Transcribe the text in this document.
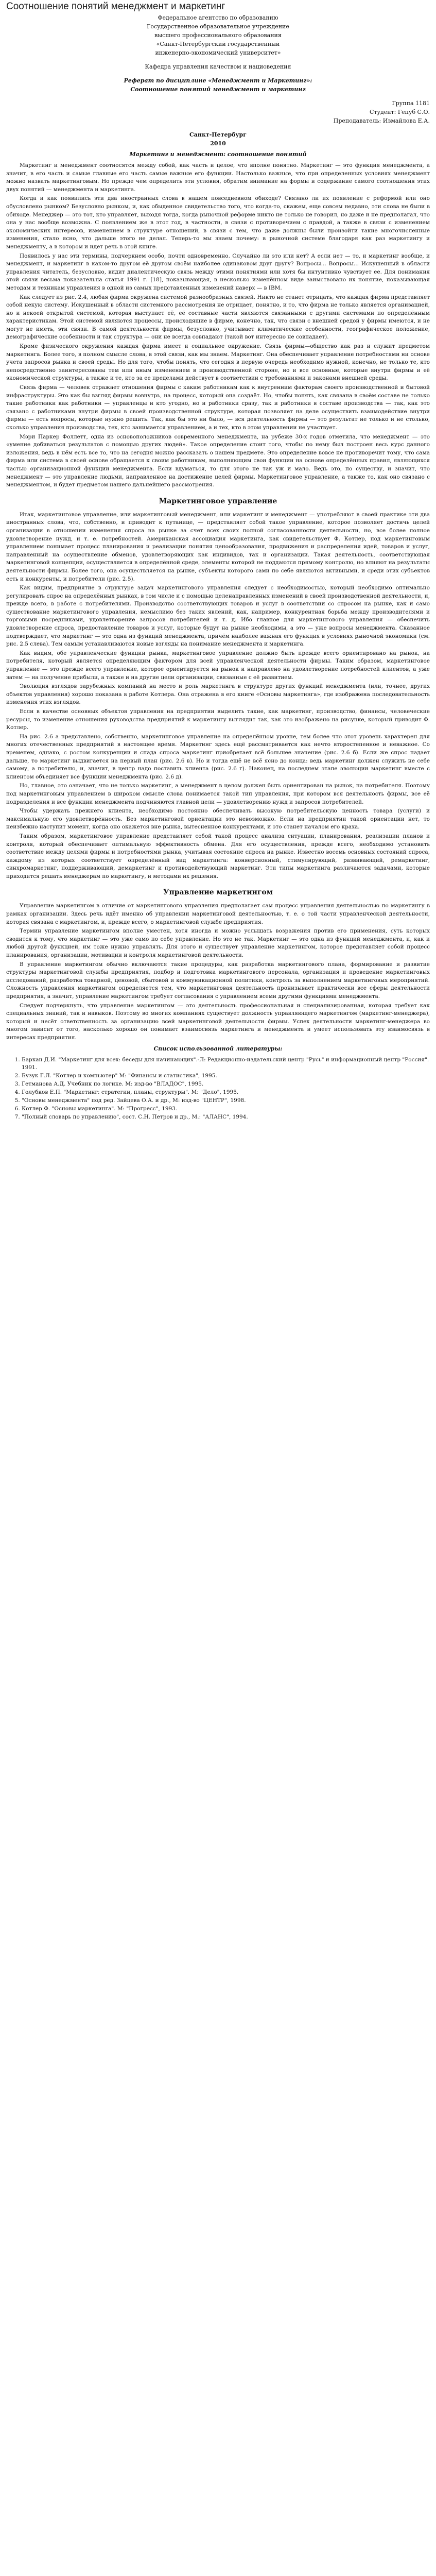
Соотношение понятий менеджмент и маркетинг

Федеральное агентство по образованию

Государственное образовательное учреждение

высшего профессионального образования

«Санкт-Петербургский государственный

инженерно-экономический университет»

Кафедра управления качеством и нациоведения
Реферат по дисциплине «Менеджмент и Маркетинг»:
Соотношение понятий менеджмент и маркетинг
Группа 1181
Студент: Гепуб С.О.
Преподаватель: Измайлова Е.А.
Санкт-Петербург
2010
Маркетинг и менеджмент: соотношение понятий

Маркетинг и менеджмент соотносятся между собой, как часть и целое, что вполне понятно. Маркетинг — это функция менеджмента, а значит, в его часть и самые главные его часть самые важные его функции. Настолько важные, что при определенных условиях менеджмент можно назвать маркетинговым. Но прежде чем определить эти условия, обратим внимание на формы и содержание самого соотношения этих двух понятий — менеджмента и маркетинга.

Когда и как появились эти два иностранных слова в нашем повседневном обиходе? Связано ли их появление с реформой или оно обусловлено рынком? Безусловно рынком, и, как обыденное свидетельство того, что когда-то, скажем, еще совсем недавно, эти слова не были в обиходе. Менеджер — это тот, кто управляет, выходя тогда, когда рыночной реформе никто не только не говорил, но даже и не предполагал, что она у нас вообще возможна. С появлением же в этот год, в частности, в связи с противоречием с правдой, а также в связи с изменением экономических интересов, изменением в структуре отношений, в связи с тем, что даже должны были произойти такие многочисленные изменения, стало ясно, что дальше этого не делал. Теперь-то мы знаем почему: в рыночной системе благодаря как раз маркетингу и менеджменту, а в котором и идет речь в этой книге.

Появилось у нас эти термины, подчеркнем особо, почти одновременно. Случайно ли это или нет? А если нет — то, и маркетинг вообще, и менеджмент, и маркетинг в каком-то другом её другом своём наиболее одинаковом друг другу? Вопросы... Вопросы... Искушенный в области управления читатель, безусловно, видит диалектическую связь между этими понятиями или хотя бы интуитивно чувствует ее. Для понимания этой связи весьма показательна статья 1991 г. [18], показывающая, в несколько изменённом виде заимствовано их понятие, показывающая методам и техникам управления в одной из самых представленных изменений наверх — в IBM.

Как следует из рис. 2.4, любая фирма окружена системой разнообразных связей. Никто не станет отрицать, что каждая фирма представляет собой некую систему. Искушенный в области системного рассмотрения не отрицает, понятно, и то, что фирма не только является организацией, но и некоей открытой системой, которая выступает её, её составные части являются связанными с другими системами по определённым характеристикам. Этой системой являются процессы, происходящие в фирме, конечно, так, что связи с внешней средой у фирмы имеются, и не могут не иметь, эти связи. В самой деятельности фирмы, безусловно, учитывает климатические особенности, географическое положение, демографические особенности и так структура — они не всегда совпадают (такой вот интересно не совпадает).

Кроме физического окружения каждая фирма имеет и социальное окружение. Связь фирмы—общество как раз и служит предметом маркетинга. Более того, в полном смысле слова, в этой связи, как мы знаем. Маркетинг. Она обеспечивает управление потребностями ни основе учета запросов рынка и своей среды. Но для того, чтобы понять, что сегодня в первую очередь необходимо нужной, конечно, не только те, кто непосредственно заинтересованы тем или иным изменением в производственной стороне, но и все основные, которые внутри фирмы и её экономической структуры, а также и те, кто за ее пределами действует в соответствии с требованиями и законами внешней среды.

Связь фирма — человек отражает отношения фирмы с каким работникам как к внутренним факторам своего производственной и бытовой инфраструктуры. Это как бы взгляд фирмы вовнутрь, на процесс, который она создаёт. Но, чтобы понять, как связана в своём составе не только такие работники как работники — управленцы и кто угодно, но и работники сразу, так и работники в составе производства — так, как это связано с работниками внутри фирмы в своей производственной структуре, которая позволяет на деле осуществить взаимодействие внутри фирмы — есть вопросы, которые нужно решить. Так, как бы это ни было, — вся деятельность фирмы — это результат не только и не столько, сколько управления производства, тех, кто занимается управлением, а и тех, кто в этом управлении не участвует.

Мэри Паркер Фоллетт, одна из основоположников современного менеджмента, на рубеже 30-х годов отметила, что менеджмент — это «умение добиваться результатов с помощью других людей». Такое определение стоит того, чтобы по нему был построен весь курс данного изложения, ведь в нём есть все то, что на сегодня можно рассказать о нашем предмете. Это определение вовсе не противоречит тому, что сама фирма или система в своей основе обращается к своим работникам, выполняющим свои функции на основе определённых правил, являющихся частью организационной функции менеджмента. Если вдуматься, то для этого не так уж и мало. Ведь это, по существу, и значит, что менеджмент — это управление людьми, направленное на достижение целей фирмы. Маркетинговое управление, а также то, как оно связано с менеджментом, и будет предметом нашего дальнейшего рассмотрения.

Маркетинговое управление

Итак, маркетинговое управление, или маркетинговый менеджмент, или маркетинг и менеджмент — употребляют в своей практике эти два иностранных слова, что, собственно, и приводит к путанице, — представляет собой такое управление, которое позволяет достичь целей организации в отношении изменения спроса на рынке за счет всех своих полной согласованности деятельности, но, все более полное удовлетворение нужд, и т. е. потребностей. Американская ассоциация маркетинга, как свидетельствует Ф. Котлер, под маркетинговым управлением понимает процесс планирования и реализации понятия ценообразования, продвижения и распределения идей, товаров и услуг, направленный на осуществление обменов, удовлетворяющих как индивидов, так и организации. Такая деятельность, соответствующая маркетинговой концепции, осуществляется в определённой среде, элементы которой не поддаются прямому контролю, но влияют на результаты деятельности фирмы. Более того, она осуществляется на рынке, субъекты которого сами по себе являются активными, и среди этих субъектов есть и конкуренты, и потребители (рис. 2.5).

Как видим, предприятие в структуре задач маркетингового управления следует с необходимостью, который необходимо оптимально регулировать спрос на определённых рынках, в том числе и с помощью целенаправленных изменений в своей производственной деятельности, и, прежде всего, в работе с потребителями. Производство соответствующих товаров и услуг в соответствии со спросом на рынке, как и само существование маркетингового управления, немыслимо без таких явлений, как, например, конкурентная борьба между производителями и торговыми посредниками, удовлетворение запросов потребителей и т. д. Ибо главное для маркетингового управления — обеспечить удовлетворение спроса, предоставление товаров и услуг, которые будут на рынке необходимы, а это — уже вопросы менеджмента. Сказанное подтверждает, что маркетинг — это одна из функций менеджмента, причём наиболее важная его функция в условиях рыночной экономики (см. рис. 2.5 слева). Тем самым устанавливаются новые взгляды на понимание менеджмента и маркетинга.

Как видим, обе управленческие функции рынка, маркетинговое управление должно быть прежде всего ориентировано на рынок, на потребителя, который является определяющим фактором для всей управленческой деятельности фирмы. Таким образом, маркетинговое управление — это прежде всего управление, которое ориентируется на рынок и направлено на удовлетворение потребностей клиентов, а уже затем — на получение прибыли, а также и на другие цели организации, связанные с её развитием.

Эволюция взглядов зарубежных компаний на место и роль маркетинга в структуре других функций менеджмента (или, точнее, других объектов управления) хорошо показана в работе Котлера. Она отражена в его книге «Основы маркетинга», где изображена последовательность изменения этих взглядов.

Если в качестве основных объектов управления на предприятии выделить такие, как маркетинг, производство, финансы, человеческие ресурсы, то изменение отношения руководства предприятий к маркетингу выглядит так, как это изображено на рисунке, который приводит Ф. Котлер.

На рис. 2.6 а представлено, собственно, маркетинговое управление на определённом уровне, тем более что этот уровень характерен для многих отечественных предприятий в настоящее время. Маркетинг здесь ещё рассматривается как нечто второстепенное и неважное. Со временем, однако, с ростом конкуренции и спада спроса маркетинг приобретает всё большее значение (рис. 2.6 б). Если же спрос падает дальше, то маркетинг выдвигается на первый план (рис. 2.6 в). Но и тогда ещё не всё ясно до конца: ведь маркетинг должен служить не себе самому, а потребителю, и, значит, в центр надо поставить клиента (рис. 2.6 г). Наконец, на последнем этапе эволюции маркетинг вместе с клиентом объединяет все функции менеджмента (рис. 2.6 д).

Но, главное, это означает, что не только маркетинг, а менеджмент в целом должен быть ориентирован на рынок, на потребителя. Поэтому под маркетинговым управлением в широком смысле слова понимается такой тип управления, при котором вся деятельность фирмы, все её подразделения и все функции менеджмента подчиняются главной цели — удовлетворению нужд и запросов потребителей.

Чтобы удержать прежнего клиента, необходимо постоянно обеспечивать высокую потребительскую ценность товара (услуги) и максимальную его удовлетворённость. Без маркетинговой ориентации это невозможно. Если на предприятии такой ориентации нет, то неизбежно наступит момент, когда оно окажется вне рынка, вытесненное конкурентами, и это станет началом его краха.

Таким образом, маркетинговое управление представляет собой такой процесс анализа ситуации, планирования, реализации планов и контроля, который обеспечивает оптимальную эффективность обмена. Для его осуществления, прежде всего, необходимо установить соответствие между целями фирмы и потребностями рынка, учитывая состояние спроса на рынке. Известно восемь основных состояний спроса, каждому из которых соответствует определённый вид маркетинга: конверсионный, стимулирующий, развивающий, ремаркетинг, синхромаркетинг, поддерживающий, демаркетинг и противодействующий маркетинг. Эти типы маркетинга различаются задачами, которые приходится решать менеджерам по маркетингу, и методами их решения.

Управление маркетингом

Управление маркетингом в отличие от маркетингового управления предполагает сам процесс управления деятельностью по маркетингу в рамках организации. Здесь речь идёт именно об управлении маркетинговой деятельностью, т. е. о той части управленческой деятельности, которая связана с маркетингом, и, прежде всего, о маркетинговой службе предприятия.

Термин управление маркетингом вполне уместен, хотя иногда и можно услышать возражения против его применения, суть которых сводится к тому, что маркетинг — это уже само по себе управление. Но это не так. Маркетинг — это одна из функций менеджмента, и, как и любой другой функцией, им тоже нужно управлять. Для этого и существует управление маркетингом, которое представляет собой процесс планирования, организации, мотивации и контроля маркетинговой деятельности.

В управление маркетингом обычно включаются такие процедуры, как разработка маркетингового плана, формирование и развитие структуры маркетинговой службы предприятия, подбор и подготовка маркетингового персонала, организация и проведение маркетинговых исследований, разработка товарной, ценовой, сбытовой и коммуникационной политики, контроль за выполнением маркетинговых мероприятий. Сложность управления маркетингом определяется тем, что маркетинговая деятельность пронизывает практически все сферы деятельности предприятия, а значит, управление маркетингом требует согласования с управлением всеми другими функциями менеджмента.

Следует подчеркнуть, что управление маркетингом — это деятельность профессиональная и специализированная, которая требует как специальных знаний, так и навыков. Поэтому во многих компаниях существует должность управляющего маркетингом (маркетинг-менеджера), который и несёт ответственность за организацию всей маркетинговой деятельности фирмы. Успех деятельности маркетинг-менеджера во многом зависит от того, насколько хорошо он понимает взаимосвязь маркетинга и менеджмента и умеет использовать эту взаимосвязь в интересах предприятия.

Список использованной литературы:
1. Баркан Д.И. "Маркетинг для всех: беседы для начинающих".-Л: Редакционно-издательский центр "Русь" и информационный центр "Россия". 1991.
2. Бузук Г.Л. "Котлер и компьютер" М: "Финансы и статистика", 1995.
3. Гетманова А.Д. Учебник по логике. М: изд-во "ВЛАДОС", 1995.
4. Голубков Е.П. "Маркетинг: стратегии, планы, структуры". М: "Дело", 1995.
5. "Основы менеджмента" под ред. Зайцева О.А. и др., М: изд-во "ЦЕНТР", 1998.
6. Котлер Ф. "Основы маркетинга". М: "Прогресс", 1993.
7. "Полный словарь по управлению", сост. С.Н. Петров и др., М.: "АЛАНС", 1994.
